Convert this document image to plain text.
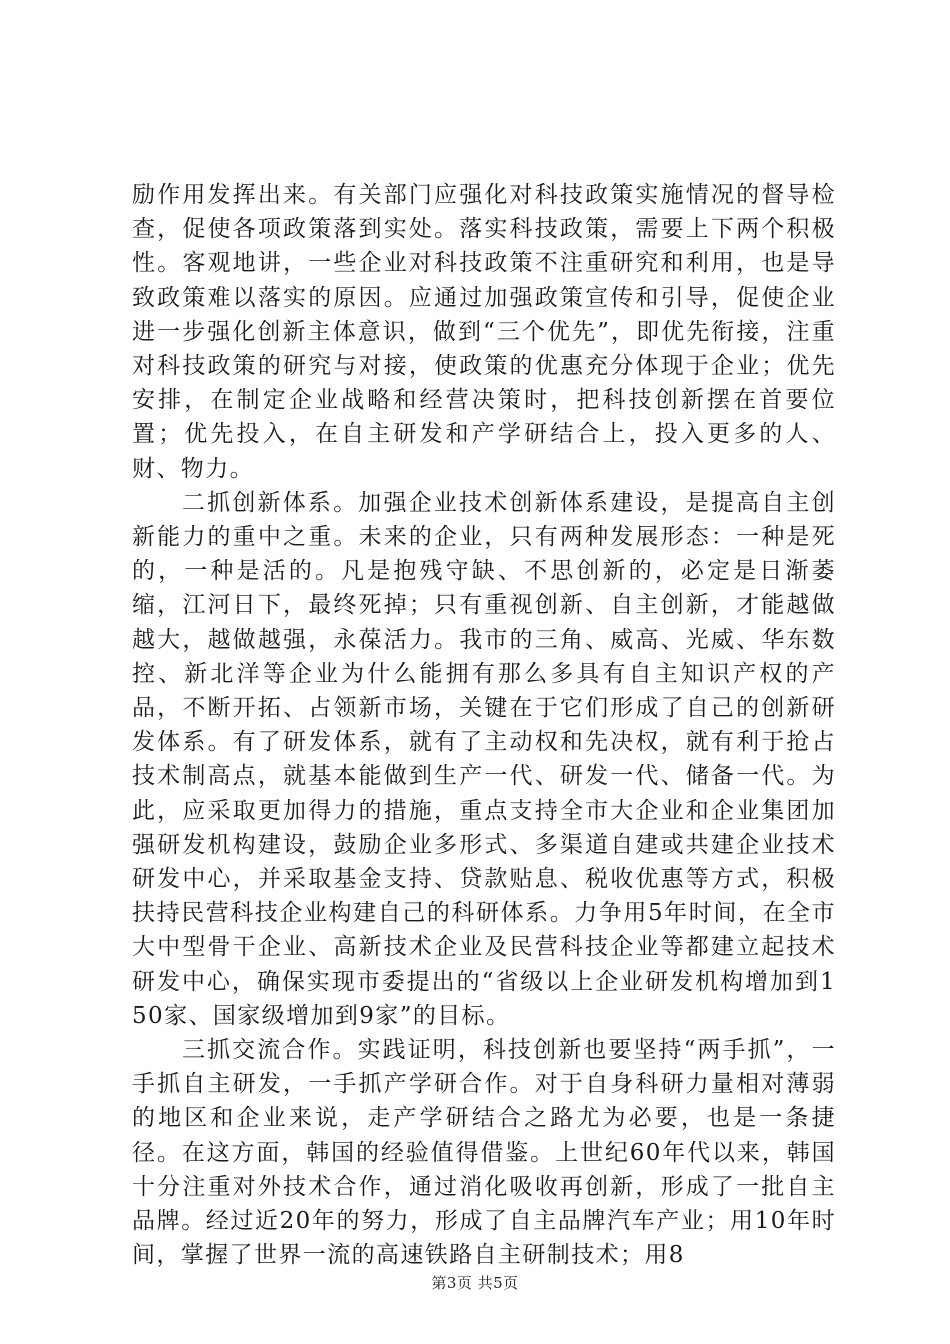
励作用发挥出来。有关部门应强化对科技政策实施情况的督导检查，促使各项政策落到实处。落实科技政策，需要上下两个积极性。客观地讲，一些企业对科技政策不注重研究和利用，也是导致政策难以落实的原因。应通过加强政策宣传和引导，促使企业进一步强化创新主体意识，做到“三个优先”，即优先衔接，注重对科技政策的研究与对接，使政策的优惠充分体现于企业；优先安排，在制定企业战略和经营决策时，把科技创新摆在首要位置；优先投入，在自主研发和产学研结合上，投入更多的人、财、物力。

二抓创新体系。加强企业技术创新体系建设，是提高自主创新能力的重中之重。未来的企业，只有两种发展形态：一种是死的，一种是活的。凡是抱残守缺、不思创新的，必定是日渐萎缩，江河日下，最终死掉；只有重视创新、自主创新，才能越做越大，越做越强，永葆活力。我市的三角、威高、光威、华东数控、新北洋等企业为什么能拥有那么多具有自主知识产权的产品，不断开拓、占领新市场，关键在于它们形成了自己的创新研发体系。有了研发体系，就有了主动权和先决权，就有利于抢占技术制高点，就基本能做到生产一代、研发一代、储备一代。为此，应采取更加得力的措施，重点支持全市大企业和企业集团加强研发机构建设，鼓励企业多形式、多渠道自建或共建企业技术研发中心，并采取基金支持、贷款贴息、税收优惠等方式，积极扶持民营科技企业构建自己的科研体系。力争用5年时间，在全市大中型骨干企业、高新技术企业及民营科技企业等都建立起技术研发中心，确保实现市委提出的“省级以上企业研发机构增加到150家、国家级增加到9家”的目标。

三抓交流合作。实践证明，科技创新也要坚持“两手抓”，一手抓自主研发，一手抓产学研合作。对于自身科研力量相对薄弱的地区和企业来说，走产学研结合之路尤为必要，也是一条捷径。在这方面，韩国的经验值得借鉴。上世纪60年代以来，韩国十分注重对外技术合作，通过消化吸收再创新，形成了一批自主品牌。经过近20年的努力，形成了自主品牌汽车产业；用10年时间，掌握了世界一流的高速铁路自主研制技术；用8

第3页 共5页
